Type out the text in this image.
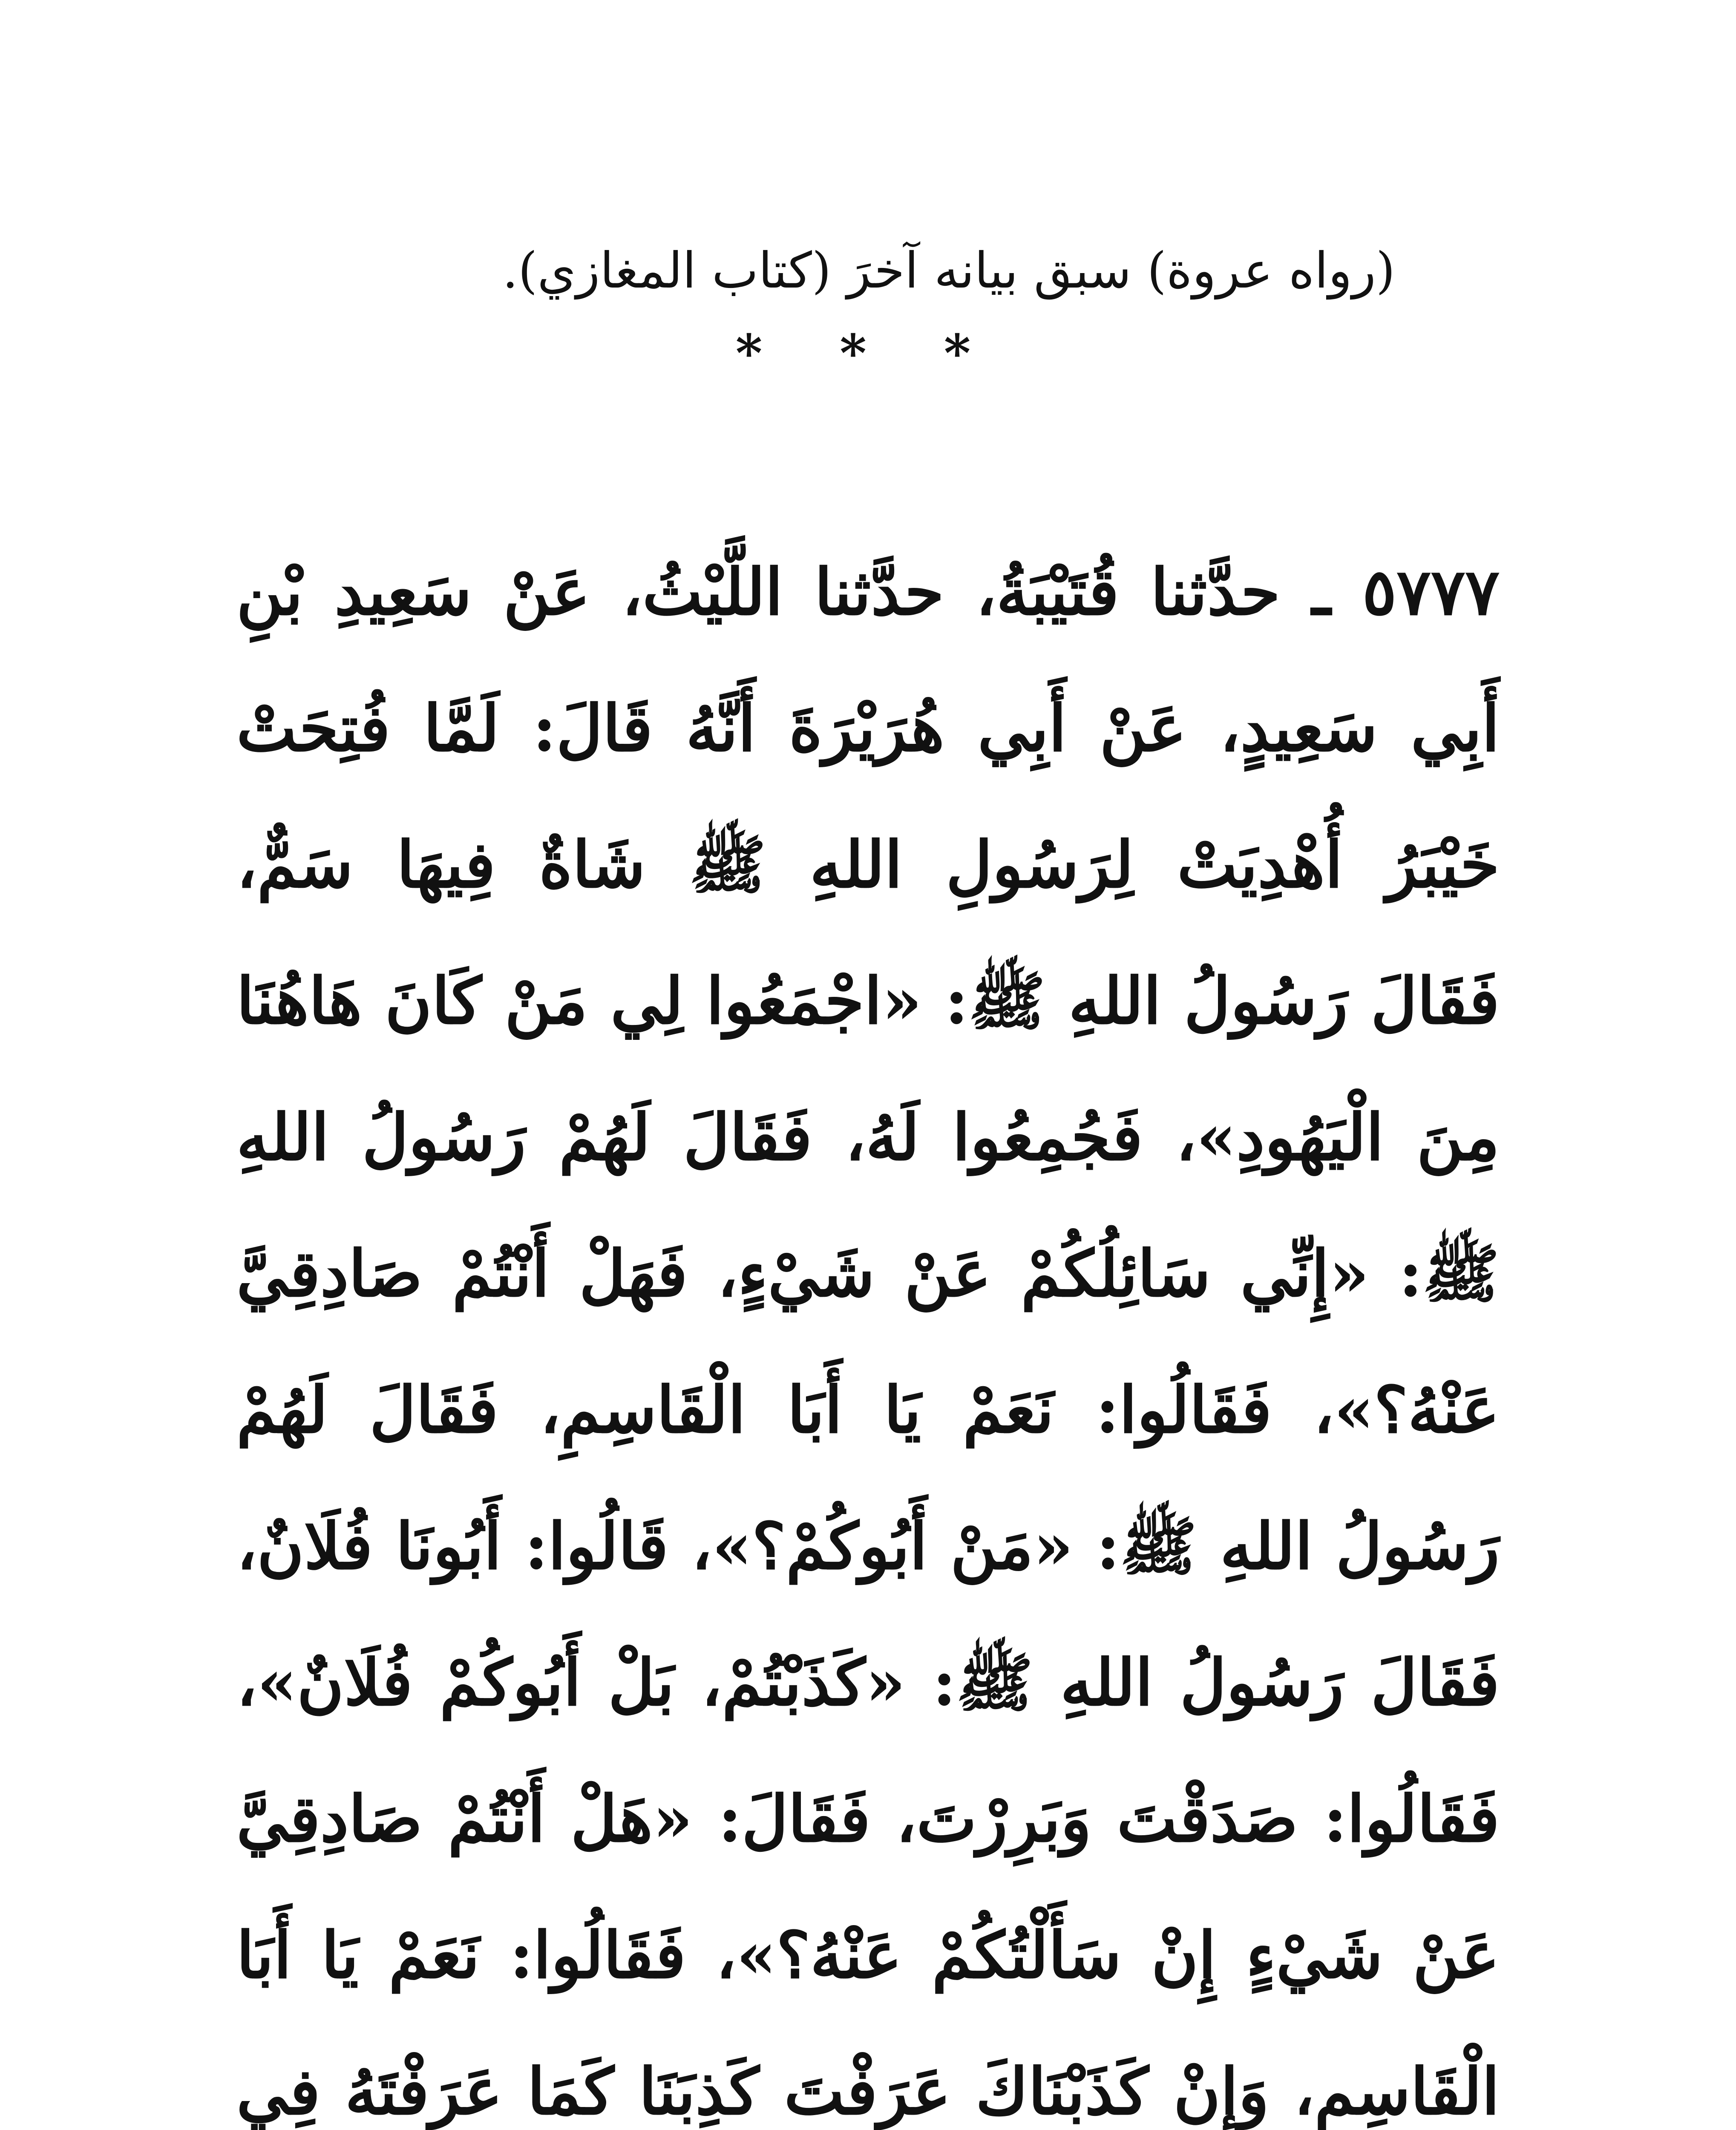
(رواه عروة) سبق بيانه آخرَ (كتاب المغازي).

* * *

٥٧٧٧ ـ حدَّثنا قُتَيْبَةُ، حدَّثنا اللَّيْثُ، عَنْ سَعِيدِ بْنِ أَبِي سَعِيدٍ، عَنْ أَبِي هُرَيْرَةَ أَنَّهُ قَالَ: لَمَّا فُتِحَتْ خَيْبَرُ أُهْدِيَتْ لِرَسُولِ اللهِ ﷺ شَاةٌ فِيهَا سَمٌّ، فَقَالَ رَسُولُ اللهِ ﷺ: «اجْمَعُوا لِي مَنْ كَانَ هَاهُنَا مِنَ الْيَهُودِ»، فَجُمِعُوا لَهُ، فَقَالَ لَهُمْ رَسُولُ اللهِ ﷺ: «إِنِّي سَائِلُكُمْ عَنْ شَيْءٍ، فَهَلْ أَنْتُمْ صَادِقِيَّ عَنْهُ؟»، فَقَالُوا: نَعَمْ يَا أَبَا الْقَاسِمِ، فَقَالَ لَهُمْ رَسُولُ اللهِ ﷺ: «مَنْ أَبُوكُمْ؟»، قَالُوا: أَبُونَا فُلَانٌ، فَقَالَ رَسُولُ اللهِ ﷺ: «كَذَبْتُمْ، بَلْ أَبُوكُمْ فُلَانٌ»، فَقَالُوا: صَدَقْتَ وَبَرِرْتَ، فَقَالَ: «هَلْ أَنْتُمْ صَادِقِيَّ عَنْ شَيْءٍ إِنْ سَأَلْتُكُمْ عَنْهُ؟»، فَقَالُوا: نَعَمْ يَا أَبَا الْقَاسِمِ، وَإِنْ كَذَبْنَاكَ عَرَفْتَ كَذِبَنَا كَمَا عَرَفْتَهُ فِي
